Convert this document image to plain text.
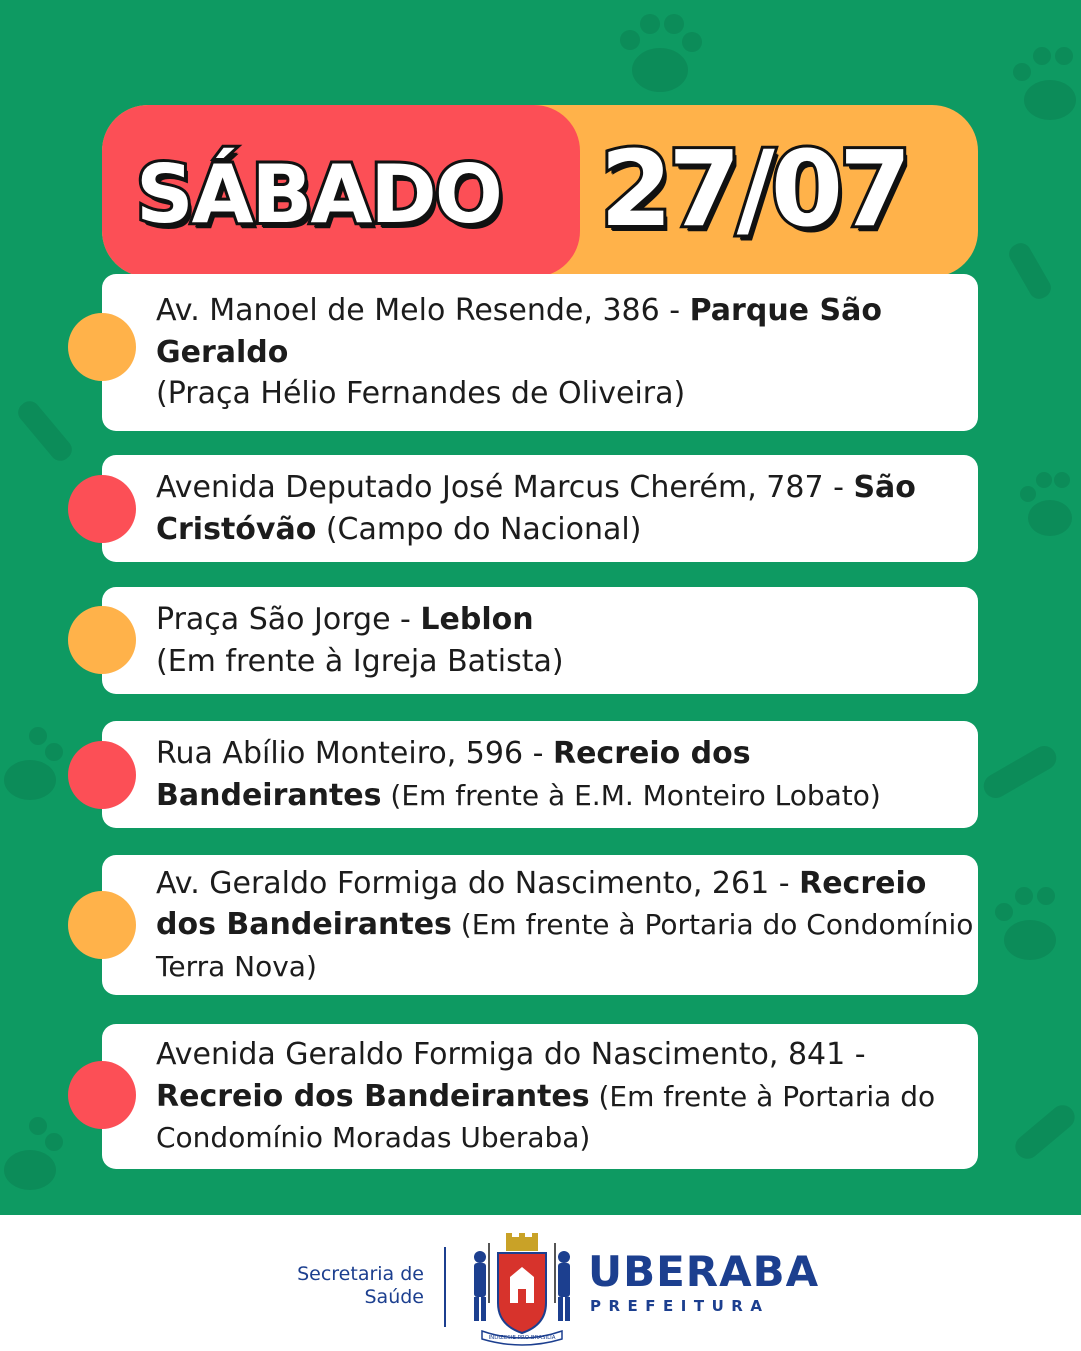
SÁBADO 27/07

Av. Manoel de Melo Resende, 386 - Parque São Geraldo
(Praça Hélio Fernandes de Oliveira)

Avenida Deputado José Marcus Cherém, 787 - São Cristóvão (Campo do Nacional)

Praça São Jorge - Leblon
(Em frente à Igreja Batista)

Rua Abílio Monteiro, 596 - Recreio dos Bandeirantes (Em frente à E.M. Monteiro Lobato)

Av. Geraldo Formiga do Nascimento, 261 - Recreio dos Bandeirantes (Em frente à Portaria do Condomínio Terra Nova)

Avenida Geraldo Formiga do Nascimento, 841 - Recreio dos Bandeirantes (Em frente à Portaria do Condomínio Moradas Uberaba)

Secretaria de
Saúde
INDIZESIE PRO BRASILIA
UBERABA
PREFEITURA
